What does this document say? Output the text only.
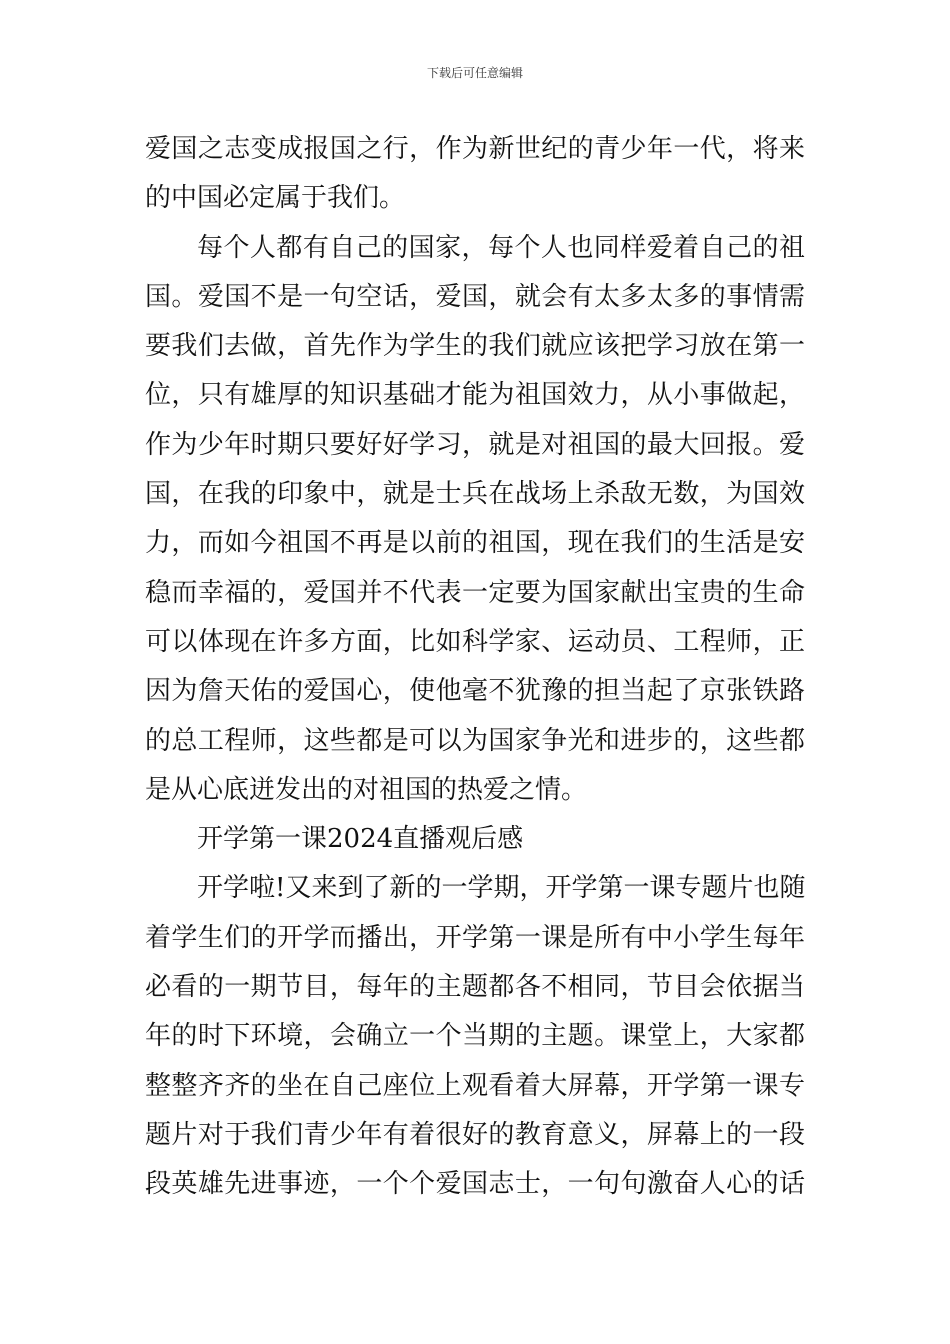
下载后可任意编辑
爱国之志变成报国之行，作为新世纪的青少年一代，将来
的中国必定属于我们。
每个人都有自己的国家，每个人也同样爱着自己的祖
国。爱国不是一句空话，爱国，就会有太多太多的事情需
要我们去做，首先作为学生的我们就应该把学习放在第一
位，只有雄厚的知识基础才能为祖国效力，从小事做起，
作为少年时期只要好好学习，就是对祖国的最大回报。爱
国，在我的印象中，就是士兵在战场上杀敌无数，为国效
力，而如今祖国不再是以前的祖国，现在我们的生活是安
稳而幸福的，爱国并不代表一定要为国家献出宝贵的生命
可以体现在许多方面，比如科学家、运动员、工程师，正
因为詹天佑的爱国心，使他毫不犹豫的担当起了京张铁路
的总工程师，这些都是可以为国家争光和进步的，这些都
是从心底迸发出的对祖国的热爱之情。
开学第一课2024直播观后感
开学啦!又来到了新的一学期，开学第一课专题片也随
着学生们的开学而播出，开学第一课是所有中小学生每年
必看的一期节目，每年的主题都各不相同，节目会依据当
年的时下环境，会确立一个当期的主题。课堂上，大家都
整整齐齐的坐在自己座位上观看着大屏幕，开学第一课专
题片对于我们青少年有着很好的教育意义，屏幕上的一段
段英雄先进事迹，一个个爱国志士，一句句激奋人心的话
